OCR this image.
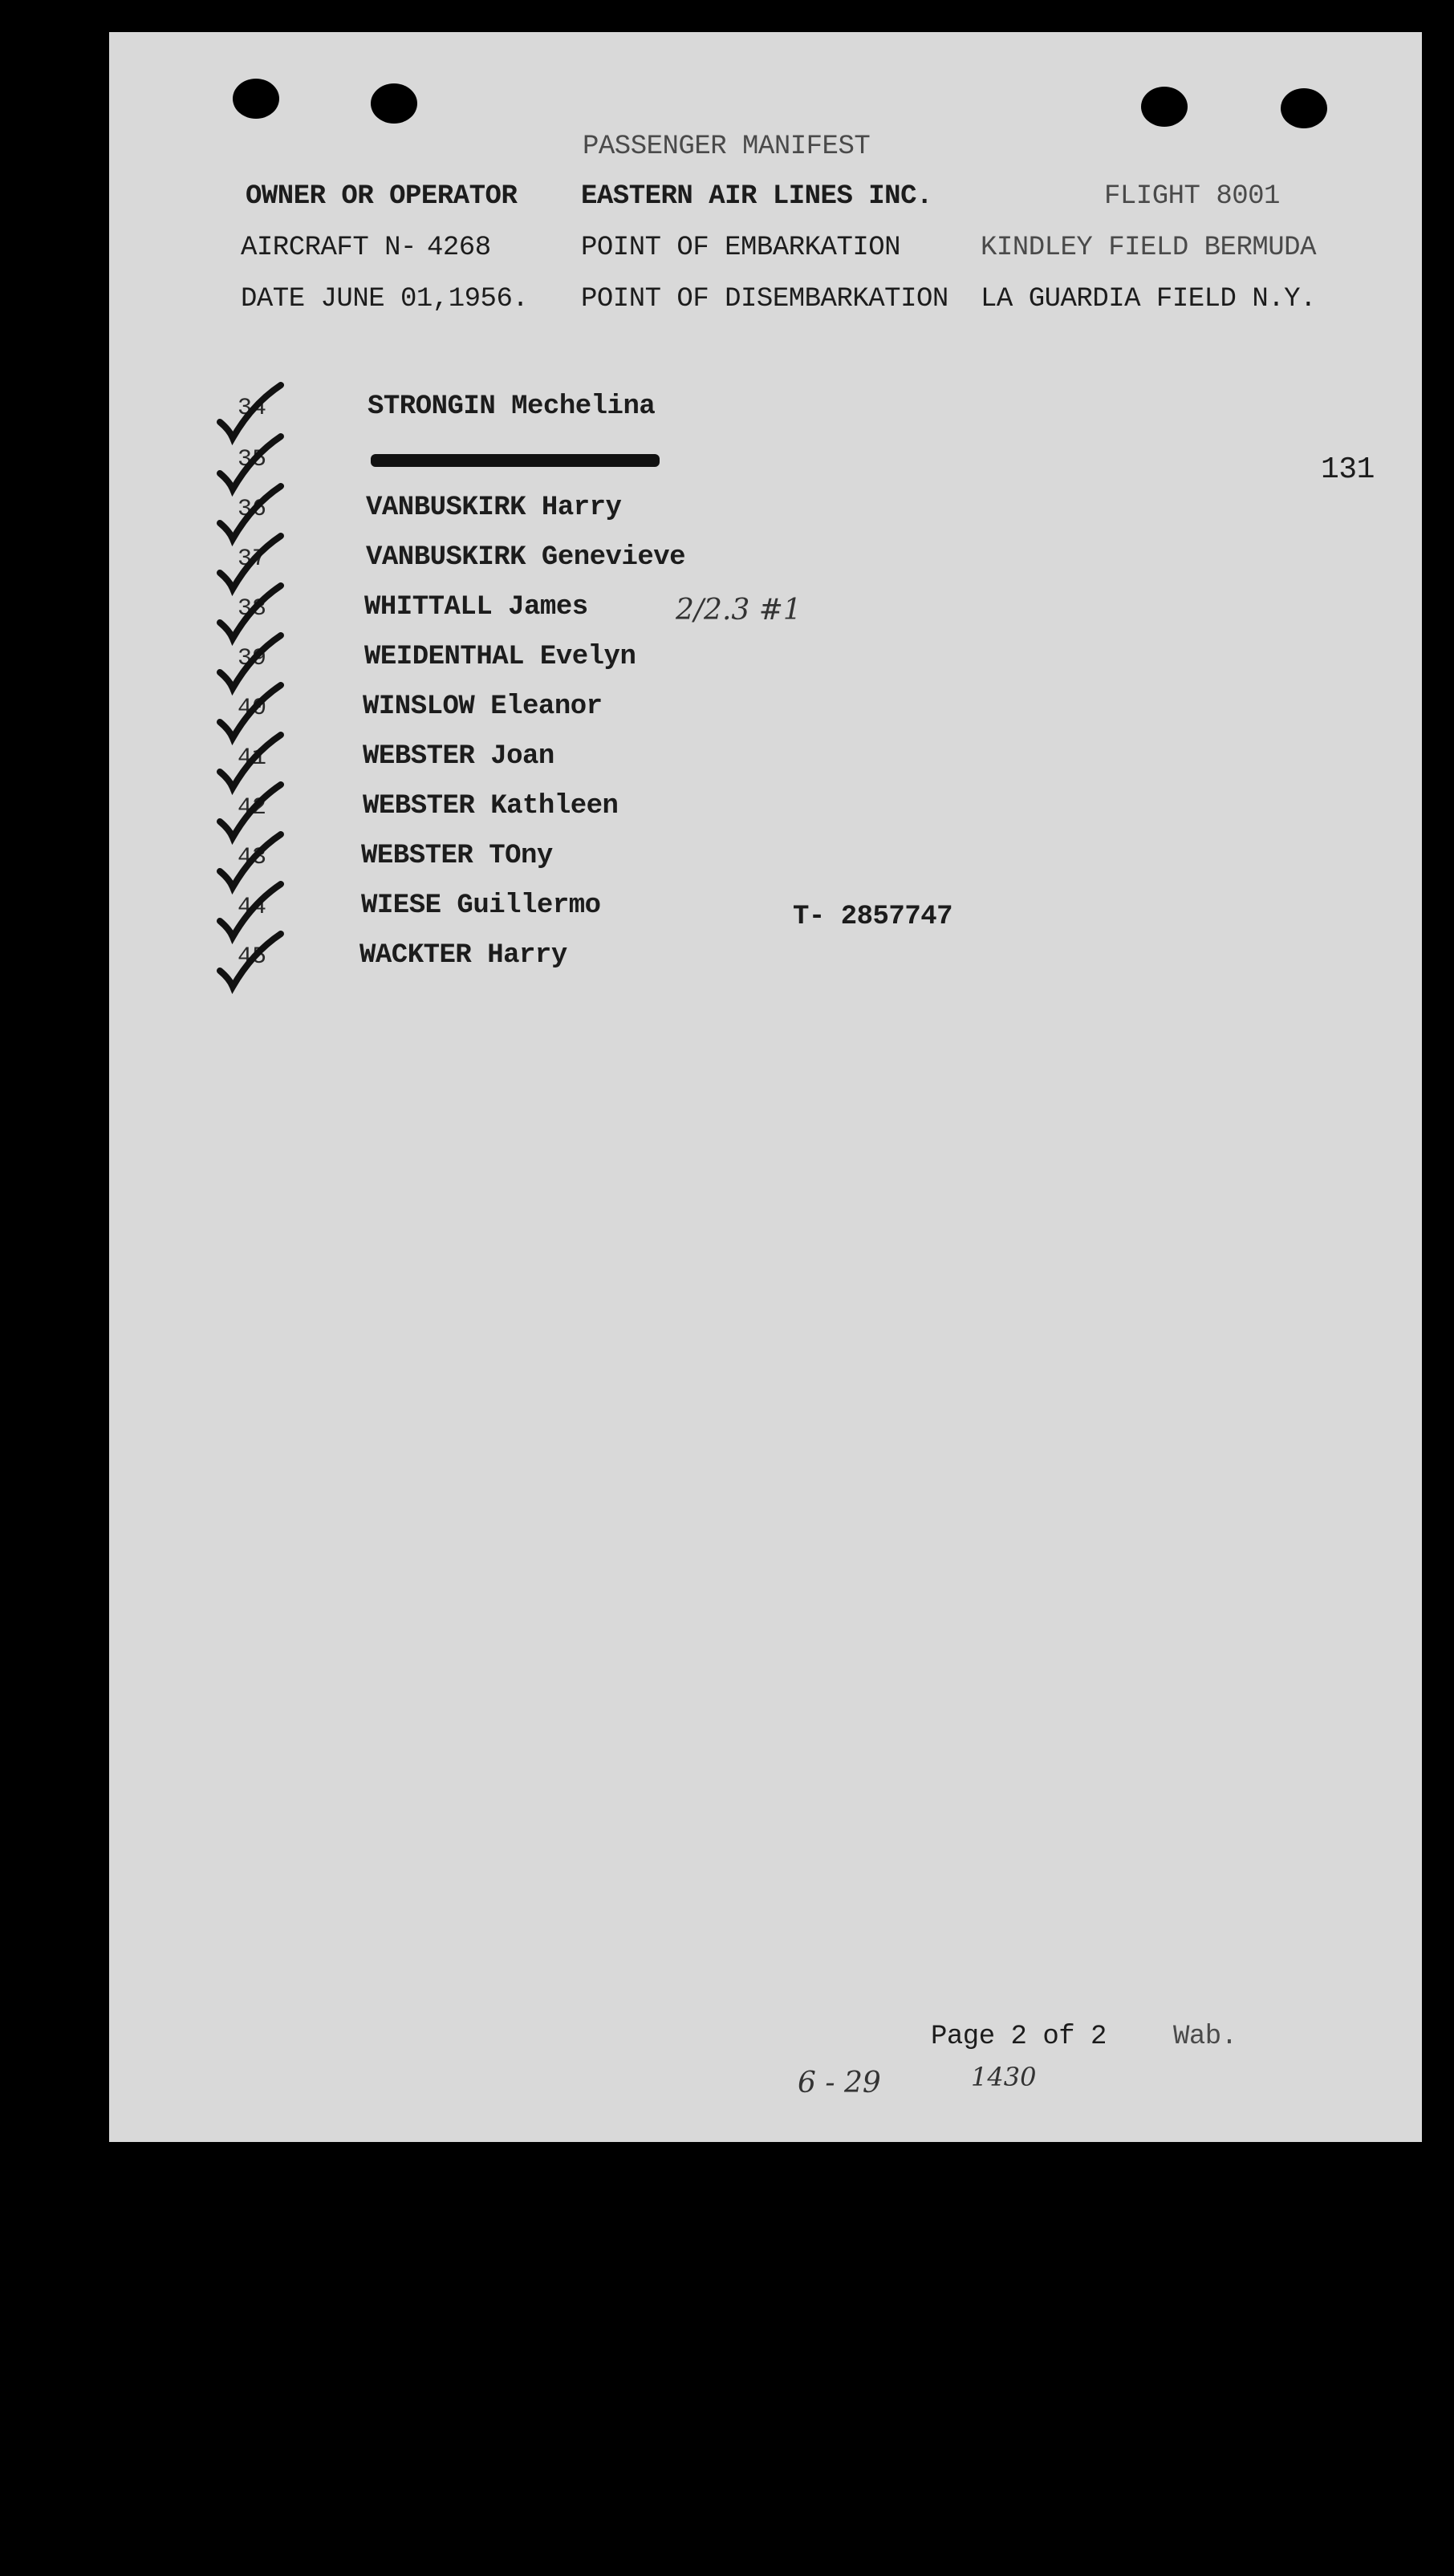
PASSENGER MANIFEST
OWNER OR OPERATOR EASTERN AIR LINES INC.	FLIGHT 8001
AIRCRAFT N- 4268	POINT OF EMBARKATION	KINDLEY FIELD BERMUDA
DATE JUNE 01,1956. POINT OF DISEMBARKATION LA GUARDIA FIELD N.Y.
131
34	STRONGIN Mechelina
35
36	VANBUSKIRK Harry
37	VANBUSKIRK Genevieve
38	WHITTALL James
39	WEIDENTHAL Evelyn
40	WINSLOW Eleanor
41	WEBSTER Joan
42	WEBSTER Kathleen
43	WEBSTER TOny
44	WIESE Guillermo
45	WACKTER Harry
2/2.3 #1
T- 2857747
Page 2 of 2 Wab.
6 - 29	1430
